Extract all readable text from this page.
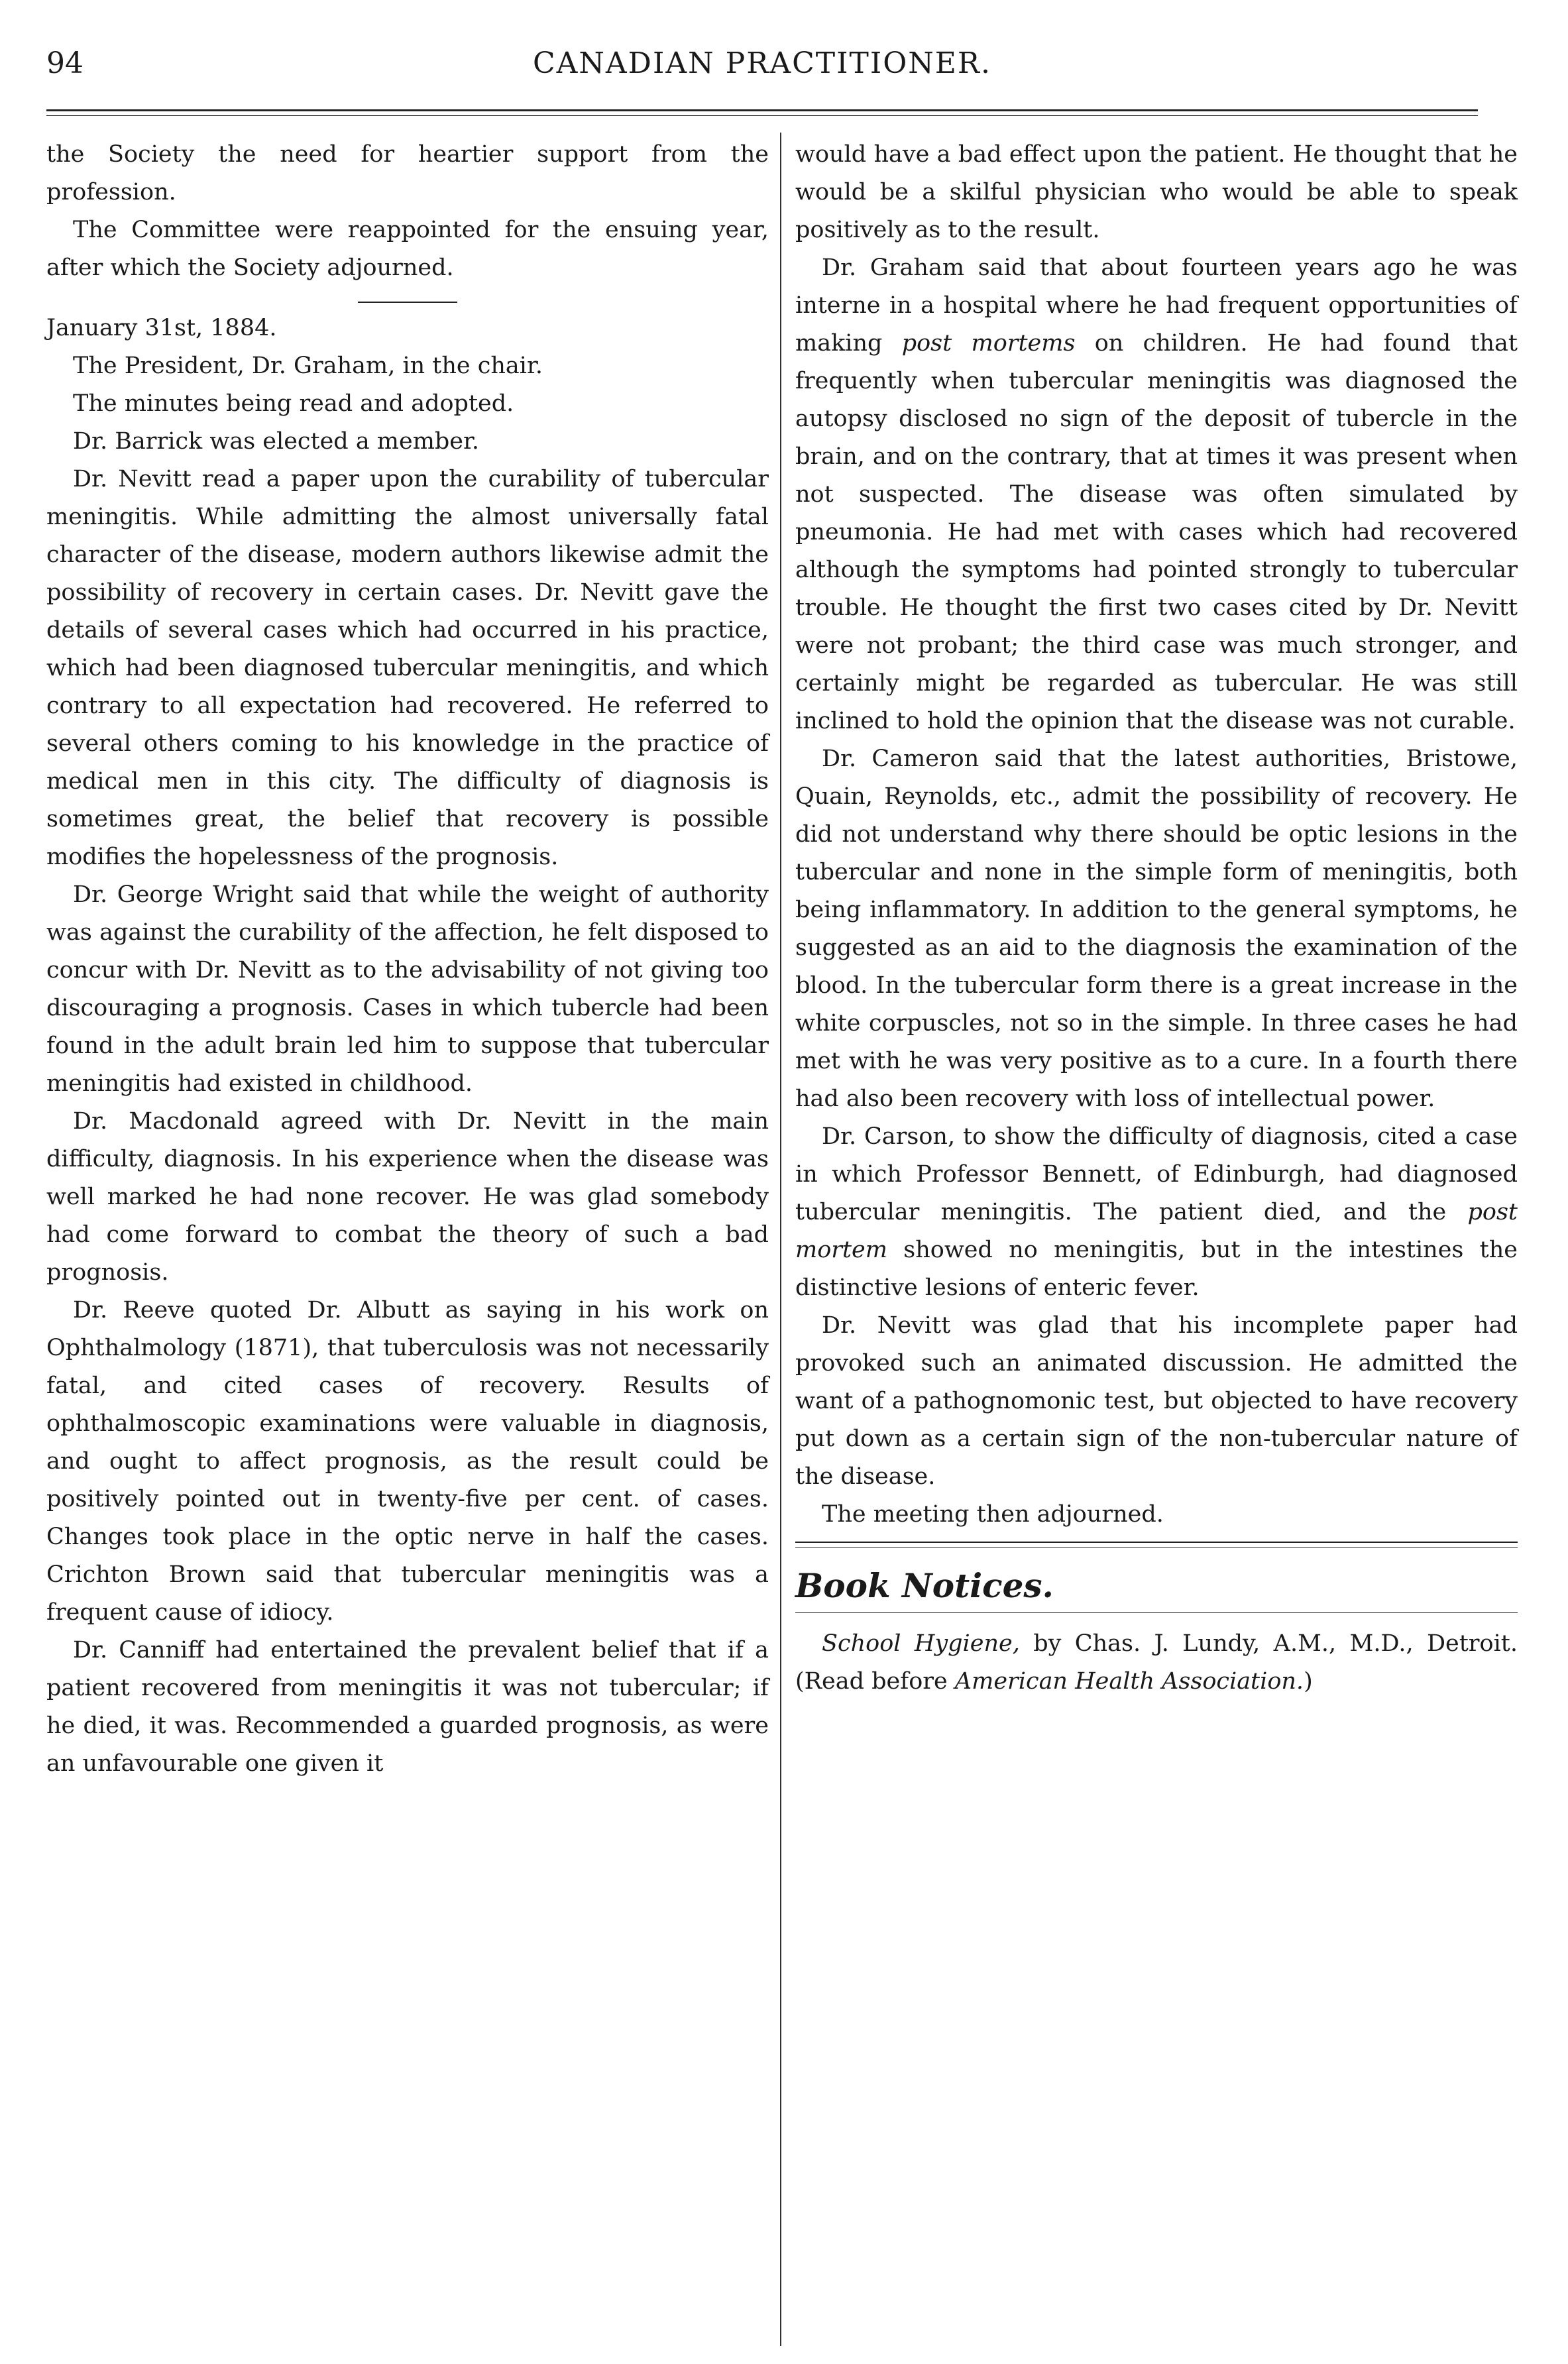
CANADIAN PRACTITIONER.
94

the Society the need for heartier support from the profession.

The Committee were reappointed for the ensuing year, after which the Society adjourned.

January 31st, 1884.

The President, Dr. Graham, in the chair.

The minutes being read and adopted.

Dr. Barrick was elected a member.

Dr. Nevitt read a paper upon the curability of tubercular meningitis. While admitting the almost universally fatal character of the disease, modern authors likewise admit the possibility of recovery in certain cases. Dr. Nevitt gave the details of several cases which had occurred in his practice, which had been diagnosed tubercular meningitis, and which contrary to all expectation had recovered. He referred to several others coming to his knowledge in the practice of medical men in this city. The difficulty of diagnosis is sometimes great, the belief that recovery is possible modifies the hopelessness of the prognosis.

Dr. George Wright said that while the weight of authority was against the curability of the affection, he felt disposed to concur with Dr. Nevitt as to the advisability of not giving too discouraging a prognosis. Cases in which tubercle had been found in the adult brain led him to suppose that tubercular meningitis had existed in childhood.

Dr. Macdonald agreed with Dr. Nevitt in the main difficulty, diagnosis. In his experience when the disease was well marked he had none recover. He was glad somebody had come forward to combat the theory of such a bad prognosis.

Dr. Reeve quoted Dr. Albutt as saying in his work on Ophthalmology (1871), that tuberculosis was not necessarily fatal, and cited cases of recovery. Results of ophthalmoscopic examinations were valuable in diagnosis, and ought to affect prognosis, as the result could be positively pointed out in twenty-five per cent. of cases. Changes took place in the optic nerve in half the cases. Crichton Brown said that tubercular meningitis was a frequent cause of idiocy.

Dr. Canniff had entertained the prevalent belief that if a patient recovered from meningitis it was not tubercular; if he died, it was. Recommended a guarded prognosis, as were an unfavourable one given it

would have a bad effect upon the patient. He thought that he would be a skilful physician who would be able to speak positively as to the result.

Dr. Graham said that about fourteen years ago he was interne in a hospital where he had frequent opportunities of making post mortems on children. He had found that frequently when tubercular meningitis was diagnosed the autopsy disclosed no sign of the deposit of tubercle in the brain, and on the contrary, that at times it was present when not suspected. The disease was often simulated by pneumonia. He had met with cases which had recovered although the symptoms had pointed strongly to tubercular trouble. He thought the first two cases cited by Dr. Nevitt were not probant; the third case was much stronger, and certainly might be regarded as tubercular. He was still inclined to hold the opinion that the disease was not curable.

Dr. Cameron said that the latest authorities, Bristowe, Quain, Reynolds, etc., admit the possibility of recovery. He did not understand why there should be optic lesions in the tubercular and none in the simple form of meningitis, both being inflammatory. In addition to the general symptoms, he suggested as an aid to the diagnosis the examination of the blood. In the tubercular form there is a great increase in the white corpuscles, not so in the simple. In three cases he had met with he was very positive as to a cure. In a fourth there had also been recovery with loss of intellectual power.

Dr. Carson, to show the difficulty of diagnosis, cited a case in which Professor Bennett, of Edinburgh, had diagnosed tubercular meningitis. The patient died, and the post mortem showed no meningitis, but in the intestines the distinctive lesions of enteric fever.

Dr. Nevitt was glad that his incomplete paper had provoked such an animated discussion. He admitted the want of a pathognomonic test, but objected to have recovery put down as a certain sign of the non-tubercular nature of the disease.

The meeting then adjourned.

Book Notices.

School Hygiene, by Chas. J. Lundy, A.M., M.D., Detroit. (Read before American Health Association.)
